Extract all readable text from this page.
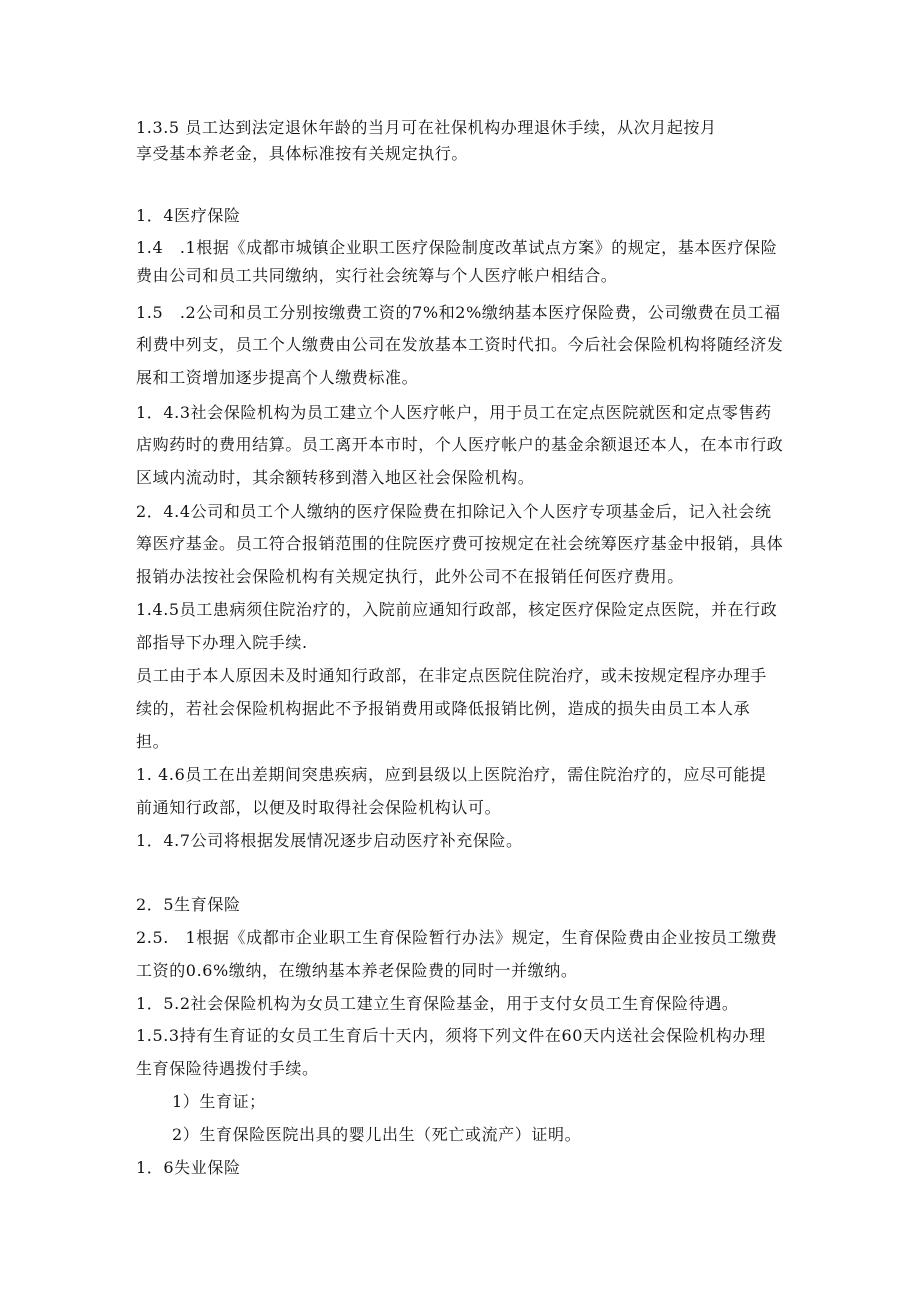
1.3.5 员工达到法定退休年龄的当月可在社保机构办理退休手续，从次月起按月
享受基本养老金，具体标准按有关规定执行。
1．4医疗保险
1.4　.1根据《成都市城镇企业职工医疗保险制度改革试点方案》的规定，基本医疗保险
费由公司和员工共同缴纳，实行社会统筹与个人医疗帐户相结合。
1.5　.2公司和员工分别按缴费工资的7%和2%缴纳基本医疗保险费，公司缴费在员工福
利费中列支，员工个人缴费由公司在发放基本工资时代扣。今后社会保险机构将随经济发
展和工资增加逐步提高个人缴费标准。
1．4.3社会保险机构为员工建立个人医疗帐户，用于员工在定点医院就医和定点零售药
店购药时的费用结算。员工离开本市时，个人医疗帐户的基金余额退还本人，在本市行政
区域内流动时，其余额转移到潜入地区社会保险机构。
2．4.4公司和员工个人缴纳的医疗保险费在扣除记入个人医疗专项基金后，记入社会统
筹医疗基金。员工符合报销范围的住院医疗费可按规定在社会统筹医疗基金中报销，具体
报销办法按社会保险机构有关规定执行，此外公司不在报销任何医疗费用。
1.4.5员工患病须住院治疗的，入院前应通知行政部，核定医疗保险定点医院，并在行政
部指导下办理入院手续.
员工由于本人原因未及时通知行政部，在非定点医院住院治疗，或未按规定程序办理手
续的，若社会保险机构据此不予报销费用或降低报销比例，造成的损失由员工本人承
担。
1. 4.6员工在出差期间突患疾病，应到县级以上医院治疗，需住院治疗的，应尽可能提
前通知行政部，以便及时取得社会保险机构认可。
1．4.7公司将根据发展情况逐步启动医疗补充保险。
2．5生育保险
2.5.　1根据《成都市企业职工生育保险暂行办法》规定，生育保险费由企业按员工缴费
工资的0.6%缴纳，在缴纳基本养老保险费的同时一并缴纳。
1．5.2社会保险机构为女员工建立生育保险基金，用于支付女员工生育保险待遇。
1.5.3持有生育证的女员工生育后十天内，须将下列文件在60天内送社会保险机构办理
生育保险待遇拨付手续。
1）生育证；
2）生育保险医院出具的婴儿出生（死亡或流产）证明。
1．6失业保险
